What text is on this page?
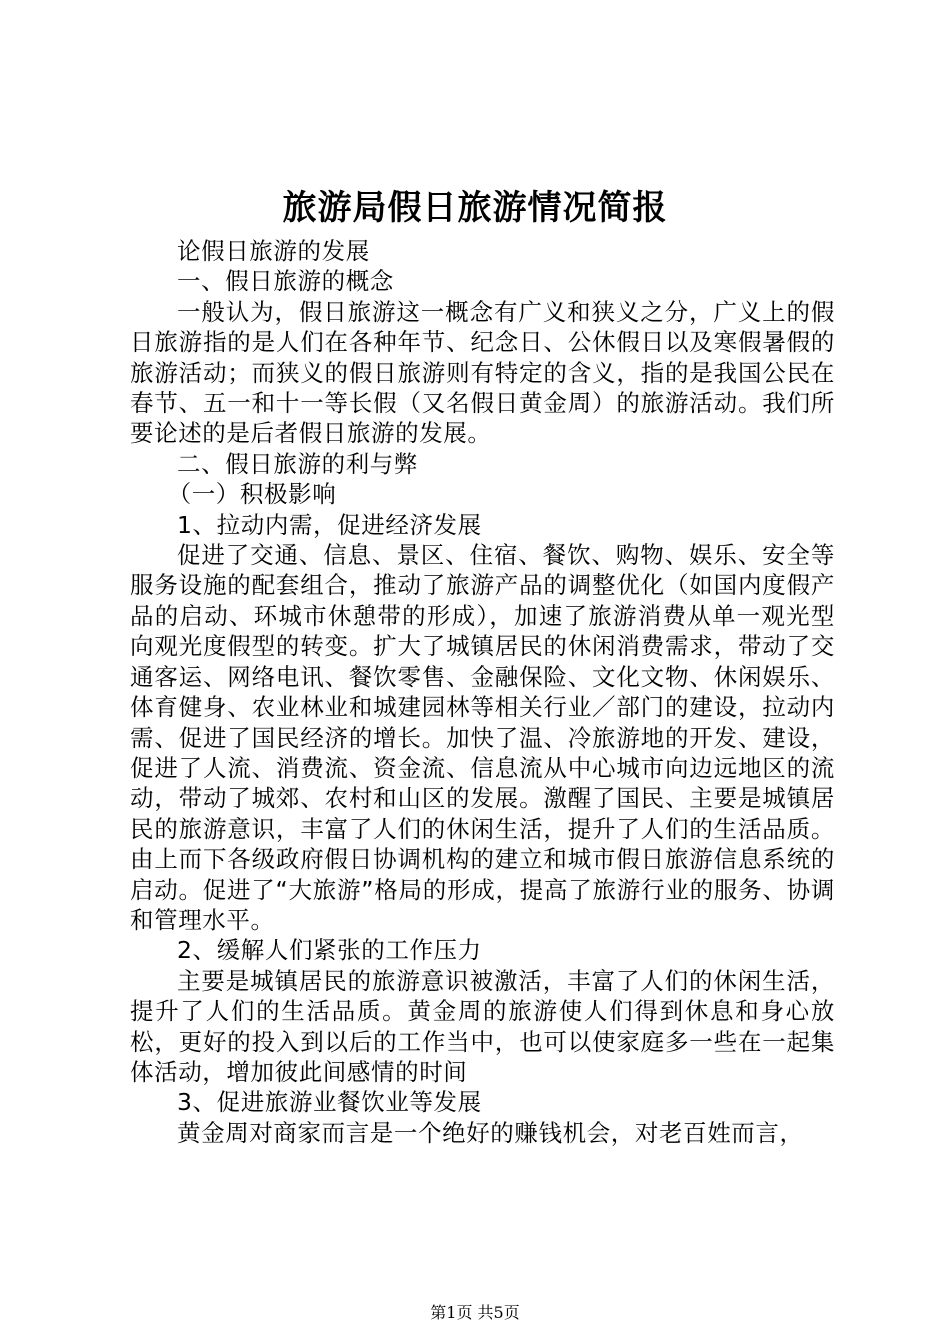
旅游局假日旅游情况简报

论假日旅游的发展

一、假日旅游的概念

一般认为，假日旅游这一概念有广义和狭义之分，广义上的假日旅游指的是人们在各种年节、纪念日、公休假日以及寒假暑假的旅游活动；而狭义的假日旅游则有特定的含义，指的是我国公民在春节、五一和十一等长假（又名假日黄金周）的旅游活动。我们所要论述的是后者假日旅游的发展。

二、假日旅游的利与弊

（一）积极影响

1、拉动内需，促进经济发展

促进了交通、信息、景区、住宿、餐饮、购物、娱乐、安全等服务设施的配套组合，推动了旅游产品的调整优化（如国内度假产品的启动、环城市休憩带的形成），加速了旅游消费从单一观光型向观光度假型的转变。扩大了城镇居民的休闲消费需求，带动了交通客运、网络电讯、餐饮零售、金融保险、文化文物、休闲娱乐、体育健身、农业林业和城建园林等相关行业／部门的建设，拉动内需、促进了国民经济的增长。加快了温、冷旅游地的开发、建设，促进了人流、消费流、资金流、信息流从中心城市向边远地区的流动，带动了城郊、农村和山区的发展。激醒了国民、主要是城镇居民的旅游意识，丰富了人们的休闲生活，提升了人们的生活品质。由上而下各级政府假日协调机构的建立和城市假日旅游信息系统的启动。促进了“大旅游”格局的形成，提高了旅游行业的服务、协调和管理水平。

2、缓解人们紧张的工作压力

主要是城镇居民的旅游意识被激活，丰富了人们的休闲生活，提升了人们的生活品质。黄金周的旅游使人们得到休息和身心放松，更好的投入到以后的工作当中，也可以使家庭多一些在一起集体活动，增加彼此间感情的时间

3、促进旅游业餐饮业等发展

黄金周对商家而言是一个绝好的赚钱机会，对老百姓而言，

第1页 共5页
